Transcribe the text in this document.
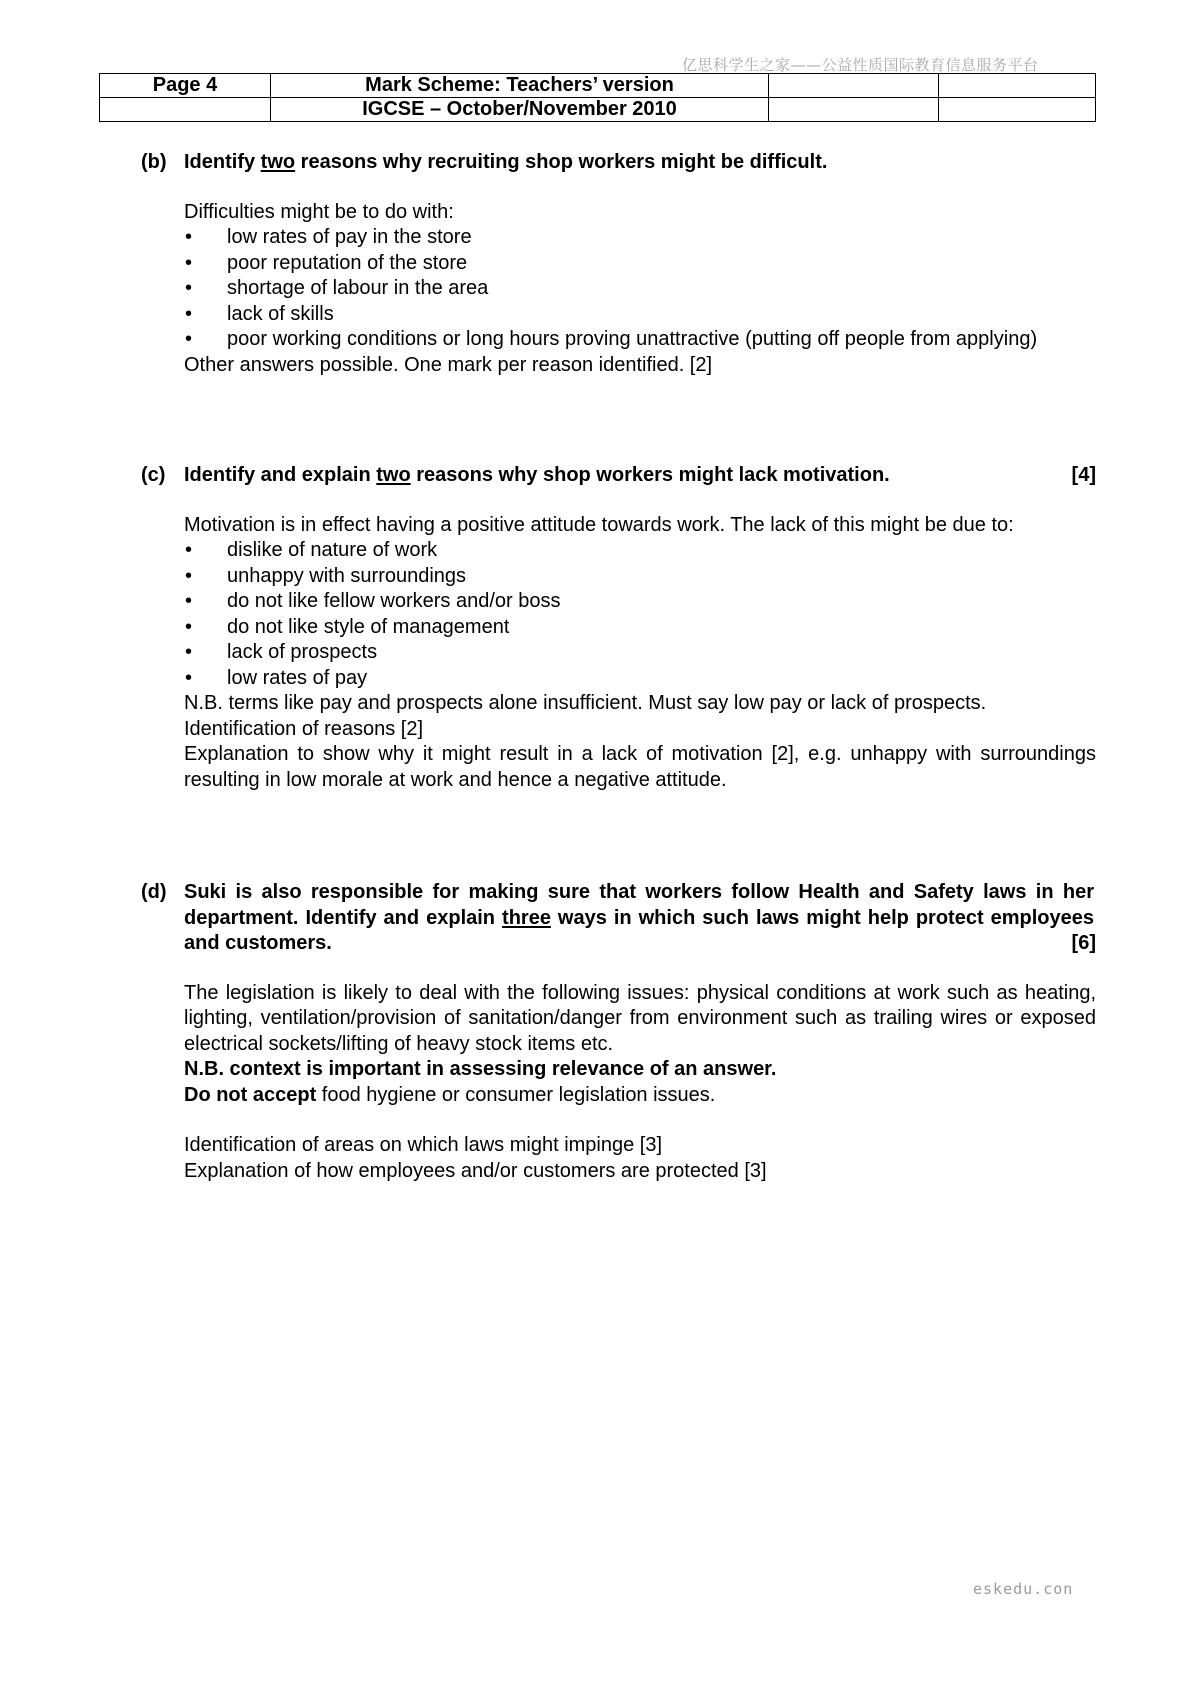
亿思科学生之家——公益性质国际教育信息服务平台
Page 4	Mark Scheme: Teachers’ version		
	IGCSE – October/November 2010		
(b) Identify two reasons why recruiting shop workers might be difficult.

Difficulties might be to do with:

• low rates of pay in the store
• poor reputation of the store
• shortage of labour in the area
• lack of skills
• poor working conditions or long hours proving unattractive (putting off people from applying)

Other answers possible. One mark per reason identified. [2]

(c) Identify and explain two reasons why shop workers might lack motivation.	[4]

Motivation is in effect having a positive attitude towards work. The lack of this might be due to:

• dislike of nature of work
• unhappy with surroundings
• do not like fellow workers and/or boss
• do not like style of management
• lack of prospects
• low rates of pay

N.B. terms like pay and prospects alone insufficient. Must say low pay or lack of prospects.

Identification of reasons [2]

Explanation to show why it might result in a lack of motivation [2], e.g. unhappy with surroundings resulting in low morale at work and hence a negative attitude.

(d) Suki is also responsible for making sure that workers follow Health and Safety laws in her department. Identify and explain three ways in which such laws might help protect employees and customers.	[6]

The legislation is likely to deal with the following issues: physical conditions at work such as heating, lighting, ventilation/provision of sanitation/danger from environment such as trailing wires or exposed electrical sockets/lifting of heavy stock items etc.

N.B. context is important in assessing relevance of an answer.

Do not accept food hygiene or consumer legislation issues.

Identification of areas on which laws might impinge [3]

Explanation of how employees and/or customers are protected [3]

eskedu.con
